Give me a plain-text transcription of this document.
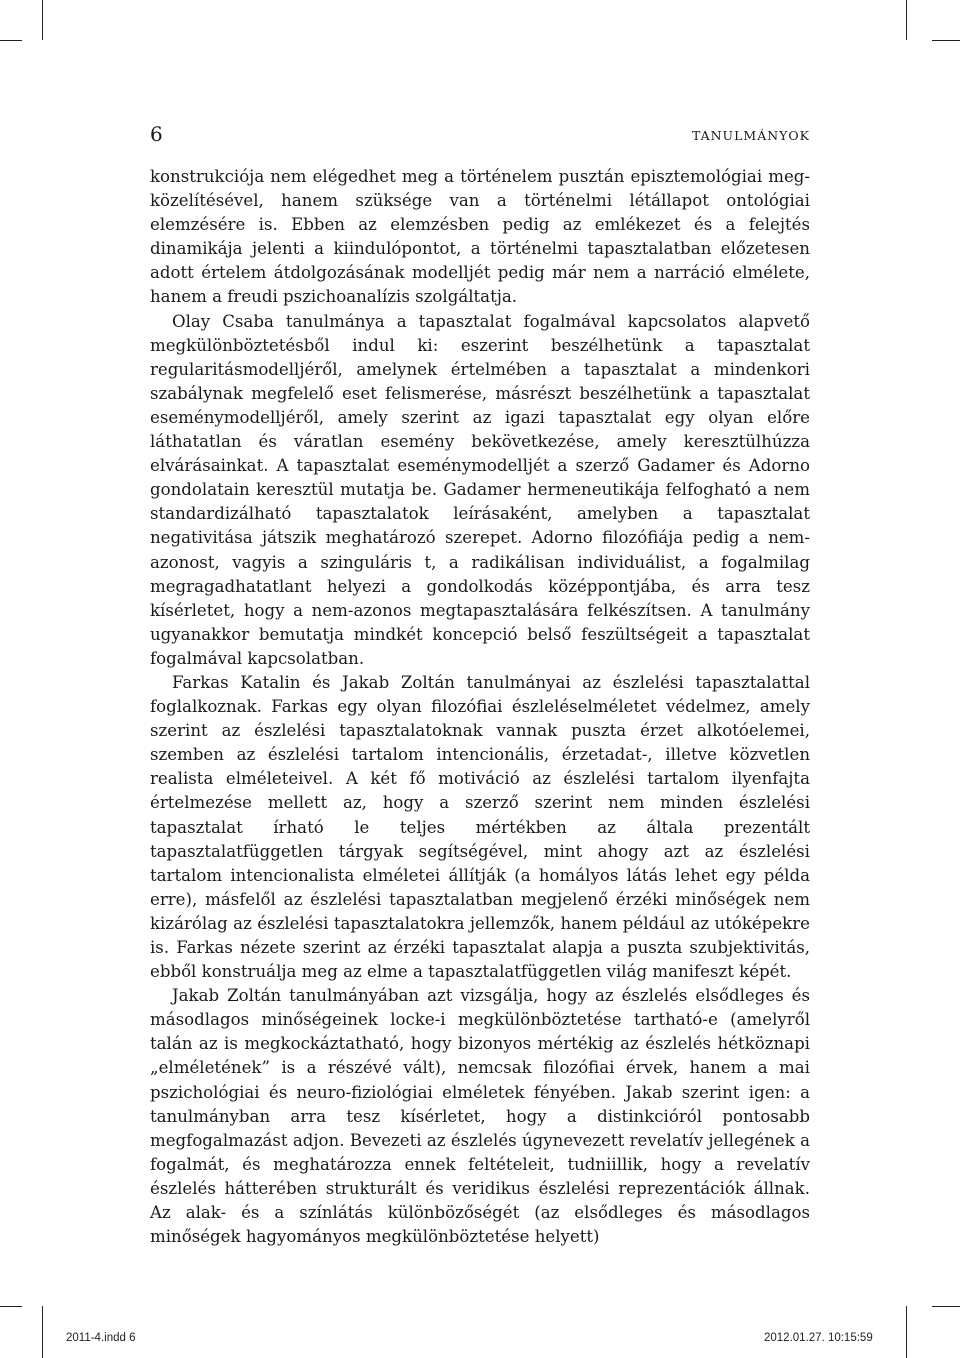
6	TANULMÁNYOK

konstrukciója nem elégedhet meg a történelem pusztán episztemológiai megközelítésével, hanem szüksége van a történelmi létállapot ontológiai elemzésére is. Ebben az elemzésben pedig az emlékezet és a felejtés dinamikája jelenti a kiindulópontot, a történelmi tapasztalatban előzetesen adott értelem átdolgozásának modelljét pedig már nem a narráció elmélete, hanem a freudi pszichoanalízis szolgáltatja.

Olay Csaba tanulmánya a tapasztalat fogalmával kapcsolatos alapvető megkülönböztetésből indul ki: eszerint beszélhetünk a tapasztalat regularitásmodelljéről, amelynek értelmében a tapasztalat a mindenkori szabálynak megfelelő eset felismerése, másrészt beszélhetünk a tapasztalat eseménymodelljéről, amely szerint az igazi tapasztalat egy olyan előre láthatatlan és váratlan esemény bekövetkezése, amely keresztülhúzza elvárásainkat. A tapasztalat eseménymodelljét a szerző Gadamer és Adorno gondolatain keresztül mutatja be. Gadamer hermeneutikája felfogható a nem standardizálható tapasztalatok leírásaként, amelyben a tapasztalat negativitása játszik meghatározó szerepet. Adorno filozófiája pedig a nem-azonost, vagyis a szinguláris t, a radikálisan individuálist, a fogalmilag megragadhatatlant helyezi a gondolkodás középpontjába, és arra tesz kísérletet, hogy a nem-azonos megtapasztalására felkészítsen. A tanulmány ugyanakkor bemutatja mindkét koncepció belső feszültségeit a tapasztalat fogalmával kapcsolatban.

Farkas Katalin és Jakab Zoltán tanulmányai az észlelési tapasztalattal foglalkoznak. Farkas egy olyan filozófiai észleléselméletet védelmez, amely szerint az észlelési tapasztalatoknak vannak puszta érzet alkotóelemei, szemben az észlelési tartalom intencionális, érzetadat-, illetve közvetlen realista elméleteivel. A két fő motiváció az észlelési tartalom ilyenfajta értelmezése mellett az, hogy a szerző szerint nem minden észlelési tapasztalat írható le teljes mértékben az általa prezentált tapasztalatfüggetlen tárgyak segítségével, mint ahogy azt az észlelési tartalom intencionalista elméletei állítják (a homályos látás lehet egy példa erre), másfelől az észlelési tapasztalatban megjelenő érzéki minőségek nem kizárólag az észlelési tapasztalatokra jellemzők, hanem például az utóképekre is. Farkas nézete szerint az érzéki tapasztalat alapja a puszta szubjektivitás, ebből konstruálja meg az elme a tapasztalatfüggetlen világ manifeszt képét.

Jakab Zoltán tanulmányában azt vizsgálja, hogy az észlelés elsődleges és másodlagos minőségeinek locke-i megkülönböztetése tartható-e (amelyről talán az is megkockáztatható, hogy bizonyos mértékig az észlelés hétköznapi „elméletének” is a részévé vált), nemcsak filozófiai érvek, hanem a mai pszichológiai és neuro-fiziológiai elméletek fényében. Jakab szerint igen: a tanulmányban arra tesz kísérletet, hogy a distinkcióról pontosabb megfogalmazást adjon. Bevezeti az észlelés úgynevezett revelatív jellegének a fogalmát, és meghatározza ennek feltételeit, tudniillik, hogy a revelatív észlelés hátterében strukturált és veridikus észlelési reprezentációk állnak. Az alak- és a színlátás különbözőségét (az elsődleges és másodlagos minőségek hagyományos megkülönböztetése helyett)

2011-4.indd 6	2012.01.27. 10:15:59
